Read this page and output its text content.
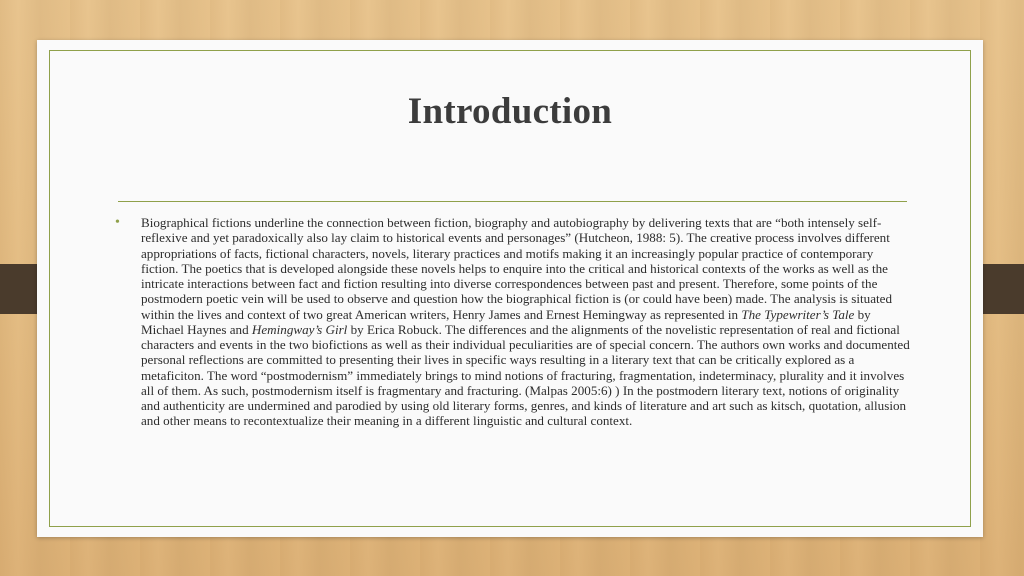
Introduction
•	Biographical fictions underline the connection between fiction, biography and autobiography by delivering texts that are “both intensely self-reflexive and yet paradoxically also lay claim to historical events and personages” (Hutcheon, 1988: 5). The creative process involves different appropriations of facts, fictional characters, novels, literary practices and motifs making it an increasingly popular practice of contemporary fiction. The poetics that is developed alongside these novels helps to enquire into the critical and historical contexts of the works as well as the intricate interactions between fact and fiction resulting into diverse correspondences between past and present. Therefore, some points of the postmodern poetic vein will be used to observe and question how the biographical fiction is (or could have been) made. The analysis is situated within the lives and context of two great American writers, Henry James and Ernest Hemingway as represented in The Typewriter’s Tale by Michael Haynes and Hemingway’s Girl by Erica Robuck. The differences and the alignments of the novelistic representation of real and fictional characters and events in the two biofictions as well as their individual peculiarities are of special concern. The authors own works and documented personal reflections are committed to presenting their lives in specific ways resulting in a literary text that can be critically explored as a metaficiton. The word “postmodernism” immediately brings to mind notions of fracturing, fragmentation, indeterminacy, plurality and it involves all of them. As such, postmodernism itself is fragmentary and fracturing. (Malpas 2005:6) ) In the postmodern literary text, notions of originality and authenticity are undermined and parodied by using old literary forms, genres, and kinds of literature and art such as kitsch, quotation, allusion and other means to recontextualize their meaning in a different linguistic and cultural context.
